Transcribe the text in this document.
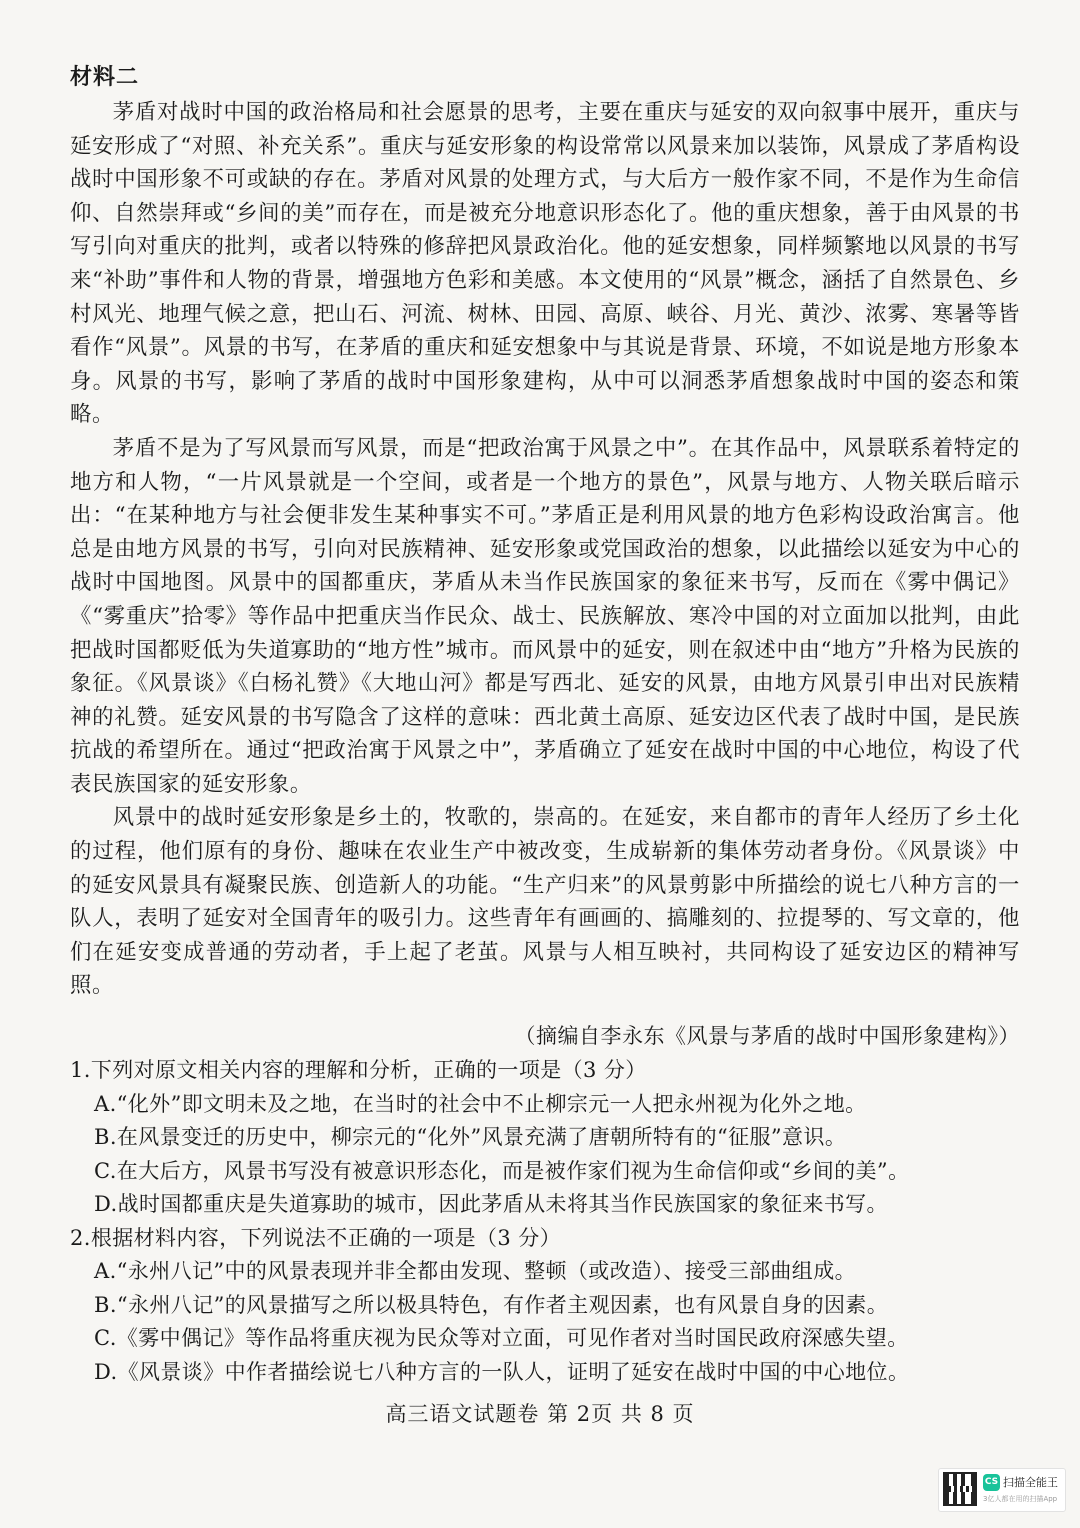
材料二

茅盾对战时中国的政治格局和社会愿景的思考，主要在重庆与延安的双向叙事中展开，重庆与延安形成了“对照、补充关系”。重庆与延安形象的构设常常以风景来加以装饰，风景成了茅盾构设战时中国形象不可或缺的存在。茅盾对风景的处理方式，与大后方一般作家不同，不是作为生命信仰、自然崇拜或“乡间的美”而存在，而是被充分地意识形态化了。他的重庆想象，善于由风景的书写引向对重庆的批判，或者以特殊的修辞把风景政治化。他的延安想象，同样频繁地以风景的书写来“补助”事件和人物的背景，增强地方色彩和美感。本文使用的“风景”概念，涵括了自然景色、乡村风光、地理气候之意，把山石、河流、树林、田园、高原、峡谷、月光、黄沙、浓雾、寒暑等皆看作“风景”。风景的书写，在茅盾的重庆和延安想象中与其说是背景、环境，不如说是地方形象本身。风景的书写，影响了茅盾的战时中国形象建构，从中可以洞悉茅盾想象战时中国的姿态和策略。

茅盾不是为了写风景而写风景，而是“把政治寓于风景之中”。在其作品中，风景联系着特定的地方和人物，“一片风景就是一个空间，或者是一个地方的景色”，风景与地方、人物关联后暗示出：“在某种地方与社会便非发生某种事实不可。”茅盾正是利用风景的地方色彩构设政治寓言。他总是由地方风景的书写，引向对民族精神、延安形象或党国政治的想象，以此描绘以延安为中心的战时中国地图。风景中的国都重庆，茅盾从未当作民族国家的象征来书写，反而在《雾中偶记》《“雾重庆”拾零》等作品中把重庆当作民众、战士、民族解放、寒冷中国的对立面加以批判，由此把战时国都贬低为失道寡助的“地方性”城市。而风景中的延安，则在叙述中由“地方”升格为民族的象征。《风景谈》《白杨礼赞》《大地山河》都是写西北、延安的风景，由地方风景引申出对民族精神的礼赞。延安风景的书写隐含了这样的意味：西北黄土高原、延安边区代表了战时中国，是民族抗战的希望所在。通过“把政治寓于风景之中”，茅盾确立了延安在战时中国的中心地位，构设了代表民族国家的延安形象。

风景中的战时延安形象是乡土的，牧歌的，崇高的。在延安，来自都市的青年人经历了乡土化的过程，他们原有的身份、趣味在农业生产中被改变，生成崭新的集体劳动者身份。《风景谈》中的延安风景具有凝聚民族、创造新人的功能。“生产归来”的风景剪影中所描绘的说七八种方言的一队人，表明了延安对全国青年的吸引力。这些青年有画画的、搞雕刻的、拉提琴的、写文章的，他们在延安变成普通的劳动者，手上起了老茧。风景与人相互映衬，共同构设了延安边区的精神写照。

（摘编自李永东《风景与茅盾的战时中国形象建构》）
1.下列对原文相关内容的理解和分析，正确的一项是（3 分）
A.“化外”即文明未及之地，在当时的社会中不止柳宗元一人把永州视为化外之地。
B.在风景变迁的历史中，柳宗元的“化外”风景充满了唐朝所特有的“征服”意识。
C.在大后方，风景书写没有被意识形态化，而是被作家们视为生命信仰或“乡间的美”。
D.战时国都重庆是失道寡助的城市，因此茅盾从未将其当作民族国家的象征来书写。
2.根据材料内容，下列说法不正确的一项是（3 分）
A.“永州八记”中的风景表现并非全都由发现、整顿（或改造）、接受三部曲组成。
B.“永州八记”的风景描写之所以极具特色，有作者主观因素，也有风景自身的因素。
C.《雾中偶记》等作品将重庆视为民众等对立面，可见作者对当时国民政府深感失望。
D.《风景谈》中作者描绘说七八种方言的一队人，证明了延安在战时中国的中心地位。
高三语文试题卷 第 2页 共 8 页
CS 扫描全能王
3亿人都在用的扫描App
